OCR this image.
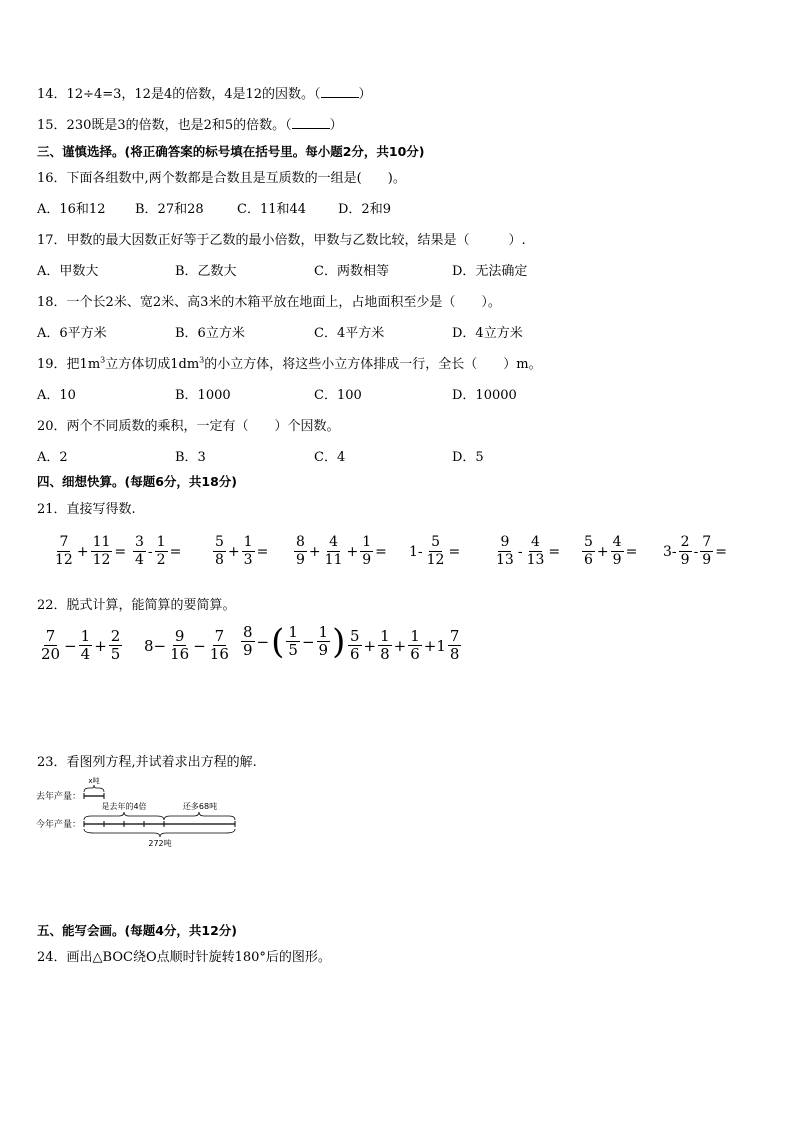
14．12÷4=3，12是4的倍数，4是12的因数。（	）
15．230既是3的倍数，也是2和5的倍数。（	）
三、谨慎选择。(将正确答案的标号填在括号里。每小题2分，共10分)
16．下面各组数中,两个数都是合数且是互质数的一组是(　　)。
A．16和12 B．27和28	C．11和44 D．2和9
17．甲数的最大因数正好等于乙数的最小倍数，甲数与乙数比较，结果是（　　　）.
A．甲数大	B．乙数大	C．两数相等	D．无法确定
18．一个长2米、宽2米、高3米的木箱平放在地面上，占地面积至少是（　　）。
A．6平方米	B．6立方米	C．4平方米	D．4立方米
19．把$1m^3$立方体切成$1dm^3$的小立方体，将这些小立方体排成一行，全长（　　）m。
A．10	B．1000	C．100	D．10000
20．两个不同质数的乘积，一定有（　　）个因数。
A．2	B．3	C．4	D．5
四、细想快算。(每题6分，共18分)
21．直接写得数.
$\frac{7}{12} + \frac{11}{12} = \frac{3}{4} - \frac{1}{2} = \frac{5}{8} + \frac{1}{3} = \frac{8}{9} + \frac{4}{11} + \frac{1}{9} = 1- \frac{5}{12} = \frac{9}{13} - \frac{4}{13} = \frac{5}{6} + \frac{4}{9} = 3- \frac{2}{9} - \frac{7}{9}$ =
22．脱式计算，能简算的要简算。
$\frac{7}{20} - \frac{1}{4} + \frac{2}{5} 8- \frac{9}{16} - \frac{7}{16} \frac{8}{9}$ − ( $\frac{1}{5} - \frac{1}{9}$ ) $\frac{5}{6} + \frac{1}{8} + \frac{1}{6} +1 \frac{7}{8}$
23．看图列方程,并试着求出方程的解.
去年产量：
x吨
今年产量：
是去年的4倍	还多68吨
272吨
五、能写会画。(每题4分，共12分)
24．画出△BOC绕O点顺时针旋转180°后的图形。
